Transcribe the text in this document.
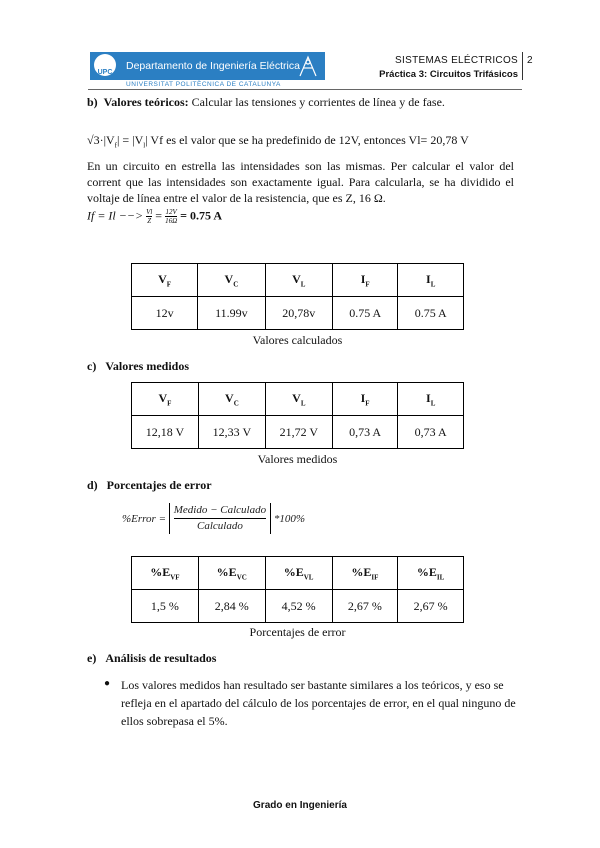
UPC
Departamento de Ingeniería Eléctrica
UNIVERSITAT POLITÈCNICA DE CATALUNYA
SISTEMAS ELÉCTRICOS
Práctica 3: Circuitos Trifásicos
2
b) Valores teóricos: Calcular las tensiones y corrientes de línea y de fase.
$√3\cdot|V_f| = |V_l|$ Vf es el valor que se ha predefinido de 12V, entonces Vl= 20,78 V
En un circuito en estrella las intensidades son las mismas. Per calcular el valor del corrent que las intensidades son exactamente igual. Para calcularla, se ha dividido el voltaje de línea entre el valor de la resistencia, que es Z, 16 Ω.
If = Il −−> Vl
Z = 12V
16Ω = 0.75 A
$V_F$	$V_C$	$V_L$	$I_F$	$I_L$
12v	11.99v	20,78v	0.75 A	0.75 A
Valores calculados
c) Valores medidos
$V_F$	$V_C$	$V_L$	$I_F$	$I_L$
12,18 V	12,33 V	21,72 V	0,73 A	0,73 A
Valores medidos
d) Porcentajes de error
%Error =
Medido − Calculado
Calculado
*100%
$\%E_{VF}$	$\%E_{VC}$	$\%E_{VL}$	$\%E_{IF}$	$\%E_{IL}$
1,5 %	2,84 %	4,52 %	2,67 %	2,67 %
Porcentajes de error
e) Análisis de resultados
● Los valores medidos han resultado ser bastante similares a los teóricos, y eso se refleja en el apartado del cálculo de los porcentajes de error, en el qual ninguno de ellos sobrepasa el 5%.
Grado en Ingeniería
